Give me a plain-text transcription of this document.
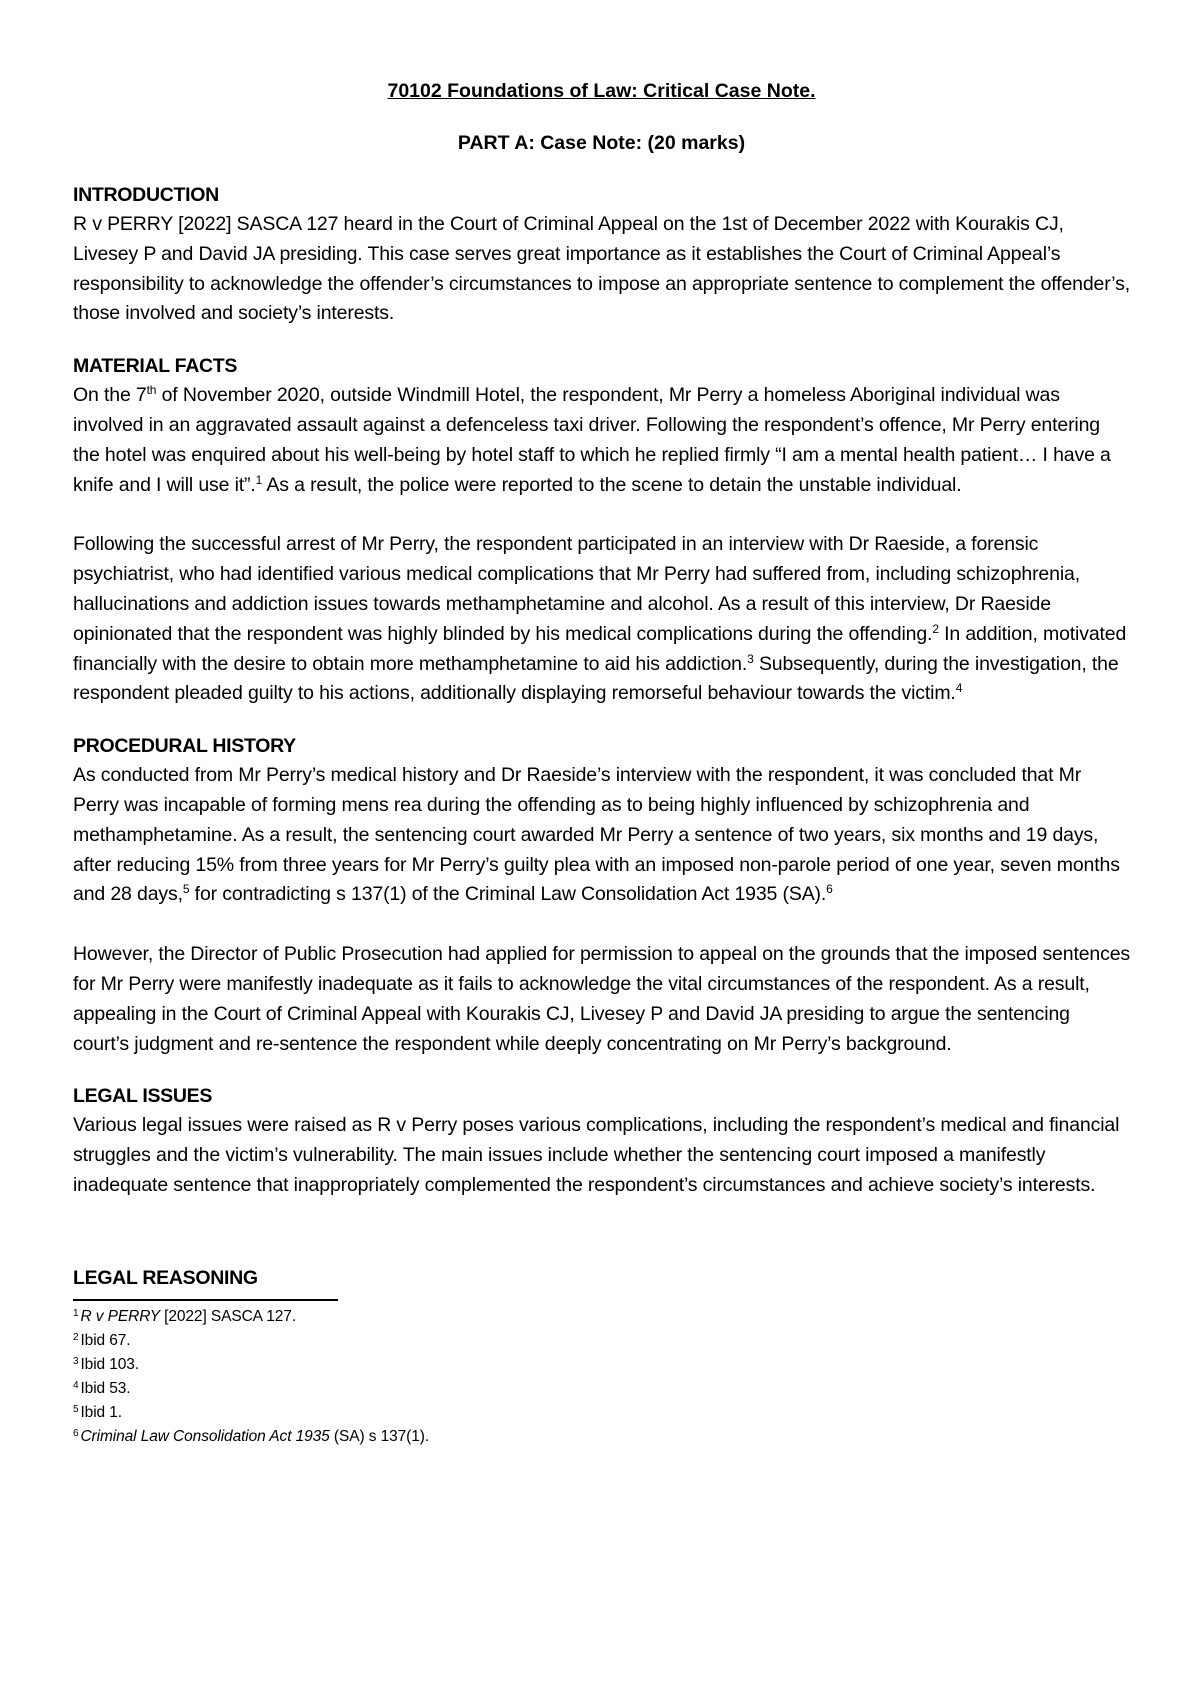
70102 Foundations of Law: Critical Case Note.

PART A: Case Note: (20 marks)

INTRODUCTION

R v PERRY [2022] SASCA 127 heard in the Court of Criminal Appeal on the 1st of December 2022 with Kourakis CJ, Livesey P and David JA presiding. This case serves great importance as it establishes the Court of Criminal Appeal’s responsibility to acknowledge the offender’s circumstances to impose an appropriate sentence to complement the offender’s, those involved and society’s interests.

MATERIAL FACTS

On the 7th of November 2020, outside Windmill Hotel, the respondent, Mr Perry a homeless Aboriginal individual was involved in an aggravated assault against a defenceless taxi driver. Following the respondent’s offence, Mr Perry entering the hotel was enquired about his well-being by hotel staff to which he replied firmly “I am a mental health patient… I have a knife and I will use it”.$^1$ As a result, the police were reported to the scene to detain the unstable individual.

Following the successful arrest of Mr Perry, the respondent participated in an interview with Dr Raeside, a forensic psychiatrist, who had identified various medical complications that Mr Perry had suffered from, including schizophrenia, hallucinations and addiction issues towards methamphetamine and alcohol. As a result of this interview, Dr Raeside opinionated that the respondent was highly blinded by his medical complications during the offending.$^2$ In addition, motivated financially with the desire to obtain more methamphetamine to aid his addiction.$^3$ Subsequently, during the investigation, the respondent pleaded guilty to his actions, additionally displaying remorseful behaviour towards the victim.$^4$

PROCEDURAL HISTORY

As conducted from Mr Perry’s medical history and Dr Raeside’s interview with the respondent, it was concluded that Mr Perry was incapable of forming mens rea during the offending as to being highly influenced by schizophrenia and methamphetamine. As a result, the sentencing court awarded Mr Perry a sentence of two years, six months and 19 days, after reducing 15% from three years for Mr Perry’s guilty plea with an imposed non-parole period of one year, seven months and 28 days,$^5$ for contradicting s 137(1) of the Criminal Law Consolidation Act 1935 (SA).$^6$

However, the Director of Public Prosecution had applied for permission to appeal on the grounds that the imposed sentences for Mr Perry were manifestly inadequate as it fails to acknowledge the vital circumstances of the respondent. As a result, appealing in the Court of Criminal Appeal with Kourakis CJ, Livesey P and David JA presiding to argue the sentencing court’s judgment and re-sentence the respondent while deeply concentrating on Mr Perry’s background.

LEGAL ISSUES

Various legal issues were raised as R v Perry poses various complications, including the respondent’s medical and financial struggles and the victim’s vulnerability. The main issues include whether the sentencing court imposed a manifestly inadequate sentence that inappropriately complemented the respondent’s circumstances and achieve society’s interests.

LEGAL REASONING

$^1$ R v PERRY [2022] SASCA 127.
$^2$ Ibid 67.
$^3$ Ibid 103.
$^4$ Ibid 53.
$^5$ Ibid 1.
$^6$ Criminal Law Consolidation Act 1935 (SA) s 137(1).
